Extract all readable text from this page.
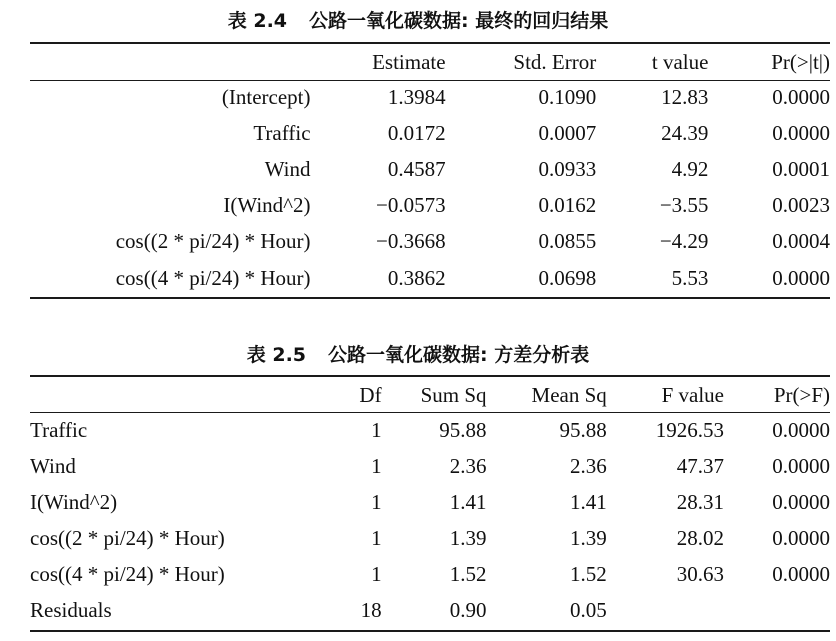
表 2.4 公路一氧化碳数据: 最终的回归结果
	Estimate	Std. Error	t value	Pr(>|t|)
(Intercept)	1.3984	0.1090	12.83	0.0000
Traffic	0.0172	0.0007	24.39	0.0000
Wind	0.4587	0.0933	4.92	0.0001
I(Wind^2)	−0.0573	0.0162	−3.55	0.0023
cos((2 * pi/24) * Hour)	−0.3668	0.0855	−4.29	0.0004
cos((4 * pi/24) * Hour)	0.3862	0.0698	5.53	0.0000
表 2.5 公路一氧化碳数据: 方差分析表
	Df	Sum Sq	Mean Sq	F value	Pr(>F)
Traffic	1	95.88	95.88	1926.53	0.0000
Wind	1	2.36	2.36	47.37	0.0000
I(Wind^2)	1	1.41	1.41	28.31	0.0000
cos((2 * pi/24) * Hour)	1	1.39	1.39	28.02	0.0000
cos((4 * pi/24) * Hour)	1	1.52	1.52	30.63	0.0000
Residuals	18	0.90	0.05		
